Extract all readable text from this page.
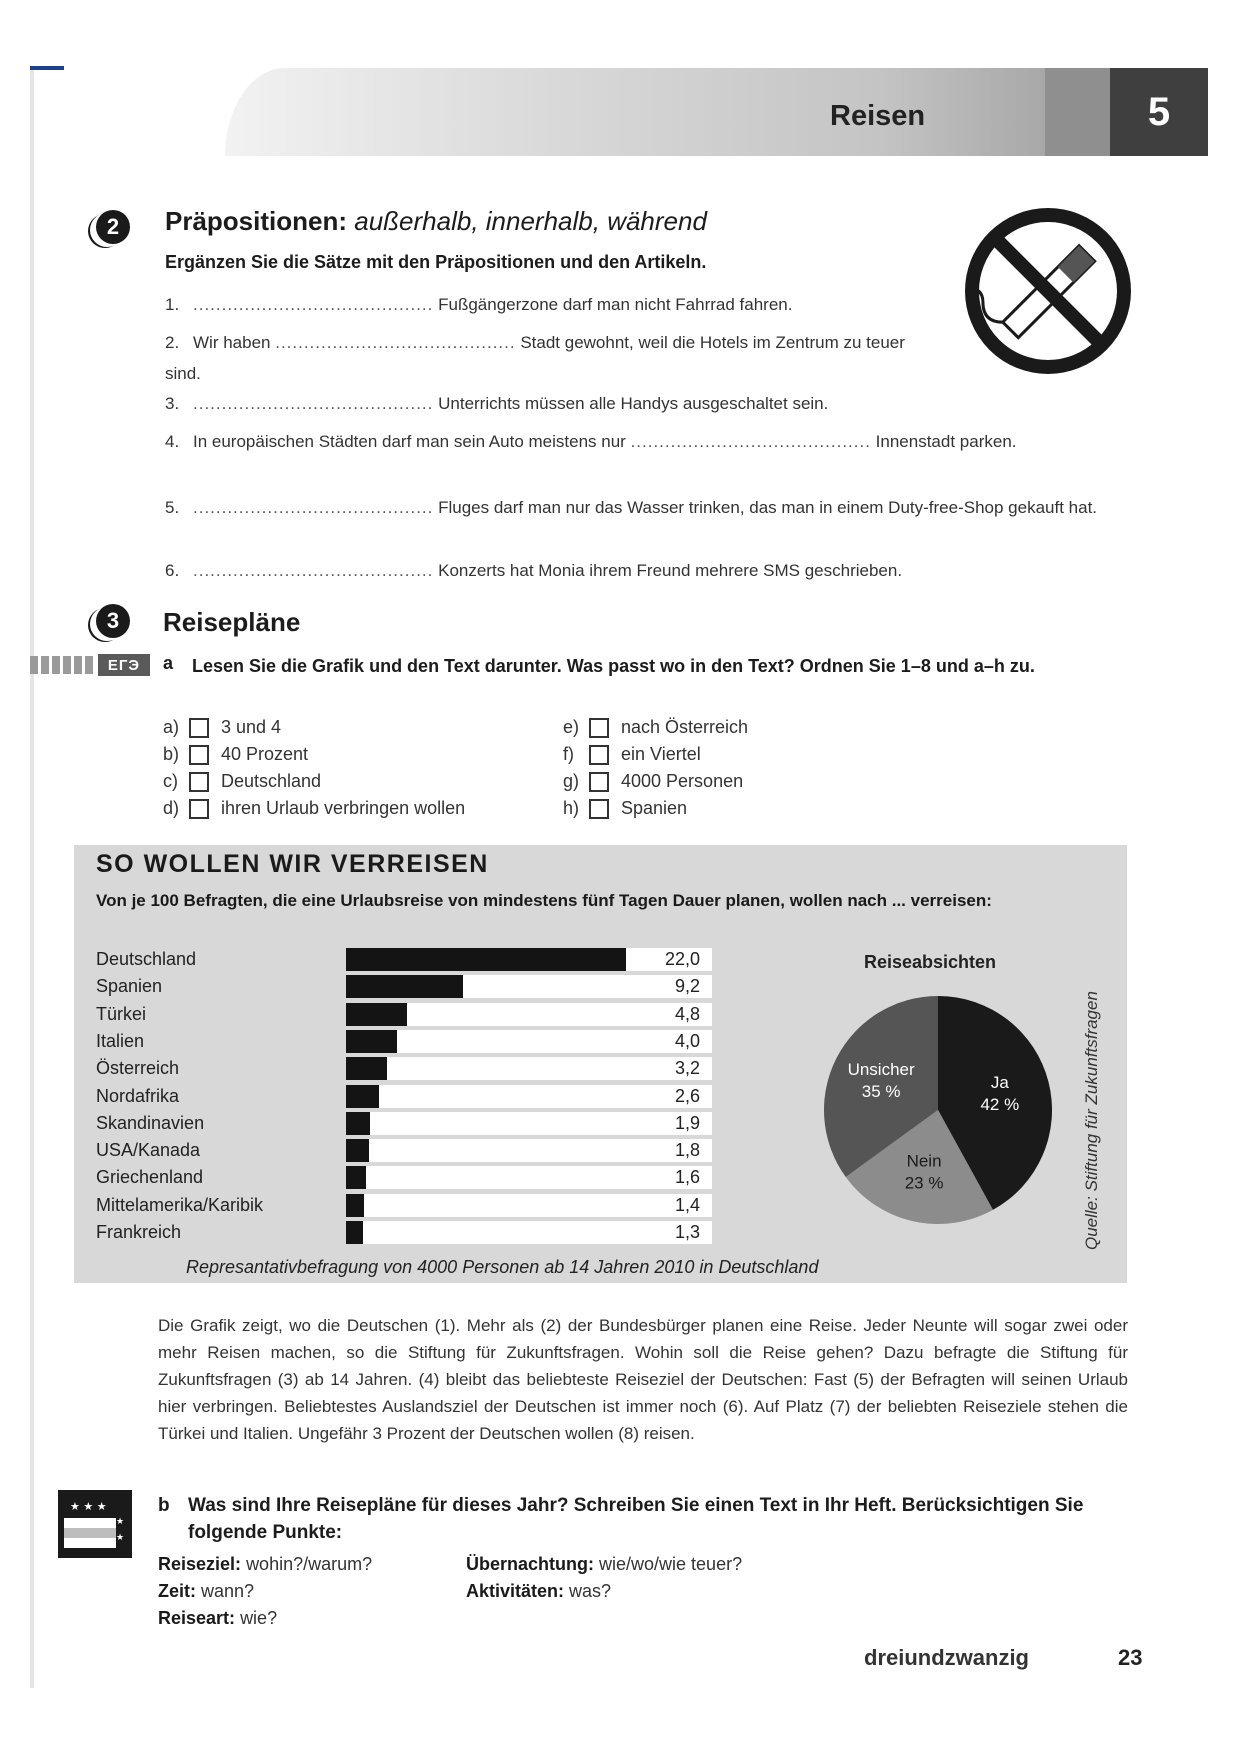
Reisen	5
2	Präpositionen: außerhalb, innerhalb, während
Ergänzen Sie die Sätze mit den Präpositionen und den Artikeln.
1. .......................................... Fußgängerzone darf man nicht Fahrrad fahren.
2. Wir haben .......................................... Stadt gewohnt, weil die Hotels im Zentrum zu teuer sind.
3. .......................................... Unterrichts müssen alle Handys ausgeschaltet sein.
4. In europäischen Städten darf man sein Auto meistens nur .......................................... Innenstadt parken.
5. .......................................... Fluges darf man nur das Wasser trinken, das man in einem Duty-free-Shop gekauft hat.
6. .......................................... Konzerts hat Monia ihrem Freund mehrere SMS geschrieben.
3	Reisepläne
ЕГЭ	a	Lesen Sie die Grafik und den Text darunter. Was passt wo in den Text? Ordnen Sie 1–8 und a–h zu.
a)	3 und 4
b)	40 Prozent
c)	Deutschland
d)	ihren Urlaub verbringen wollen
e)	nach Österreich
f)	ein Viertel
g)	4000 Personen
h)	Spanien
SO WOLLEN WIR VERREISEN
Von je 100 Befragten, die eine Urlaubsreise von mindestens fünf Tagen Dauer planen, wollen nach ... verreisen:
Deutschland	22,0
Spanien	9,2
Türkei	4,8
Italien	4,0
Österreich	3,2
Nordafrika	2,6
Skandinavien	1,9
USA/Kanada	1,8
Griechenland	1,6
Mittelamerika/Karibik	1,4
Frankreich	1,3
Reiseabsichten
Ja
42 %
Nein
23 %
Unsicher
35 %	Quelle: Stiftung für Zukunftsfragen
Represantativbefragung von 4000 Personen ab 14 Jahren 2010 in Deutschland
Die Grafik zeigt, wo die Deutschen (1). Mehr als (2) der Bundesbürger planen eine Reise. Jeder Neunte will sogar zwei oder mehr Reisen machen, so die Stiftung für Zukunftsfragen. Wohin soll die Reise gehen? Dazu befragte die Stiftung für Zukunftsfragen (3) ab 14 Jahren. (4) bleibt das beliebteste Reiseziel der Deutschen: Fast (5) der Befragten will seinen Urlaub hier verbringen. Beliebtestes Auslandsziel der Deutschen ist immer noch (6). Auf Platz (7) der beliebten Reiseziele stehen die Türkei und Italien. Ungefähr 3 Prozent der Deutschen wollen (8) reisen.
★ ★ ★
★
★
b Was sind Ihre Reisepläne für dieses Jahr? Schreiben Sie einen Text in Ihr Heft. Berücksichtigen Sie folgende Punkte:
Reiseziel: wohin?/warum?
Zeit: wann?
Reiseart: wie?
Übernachtung: wie/wo/wie teuer?
Aktivitäten: was?
dreiundzwanzig	23
